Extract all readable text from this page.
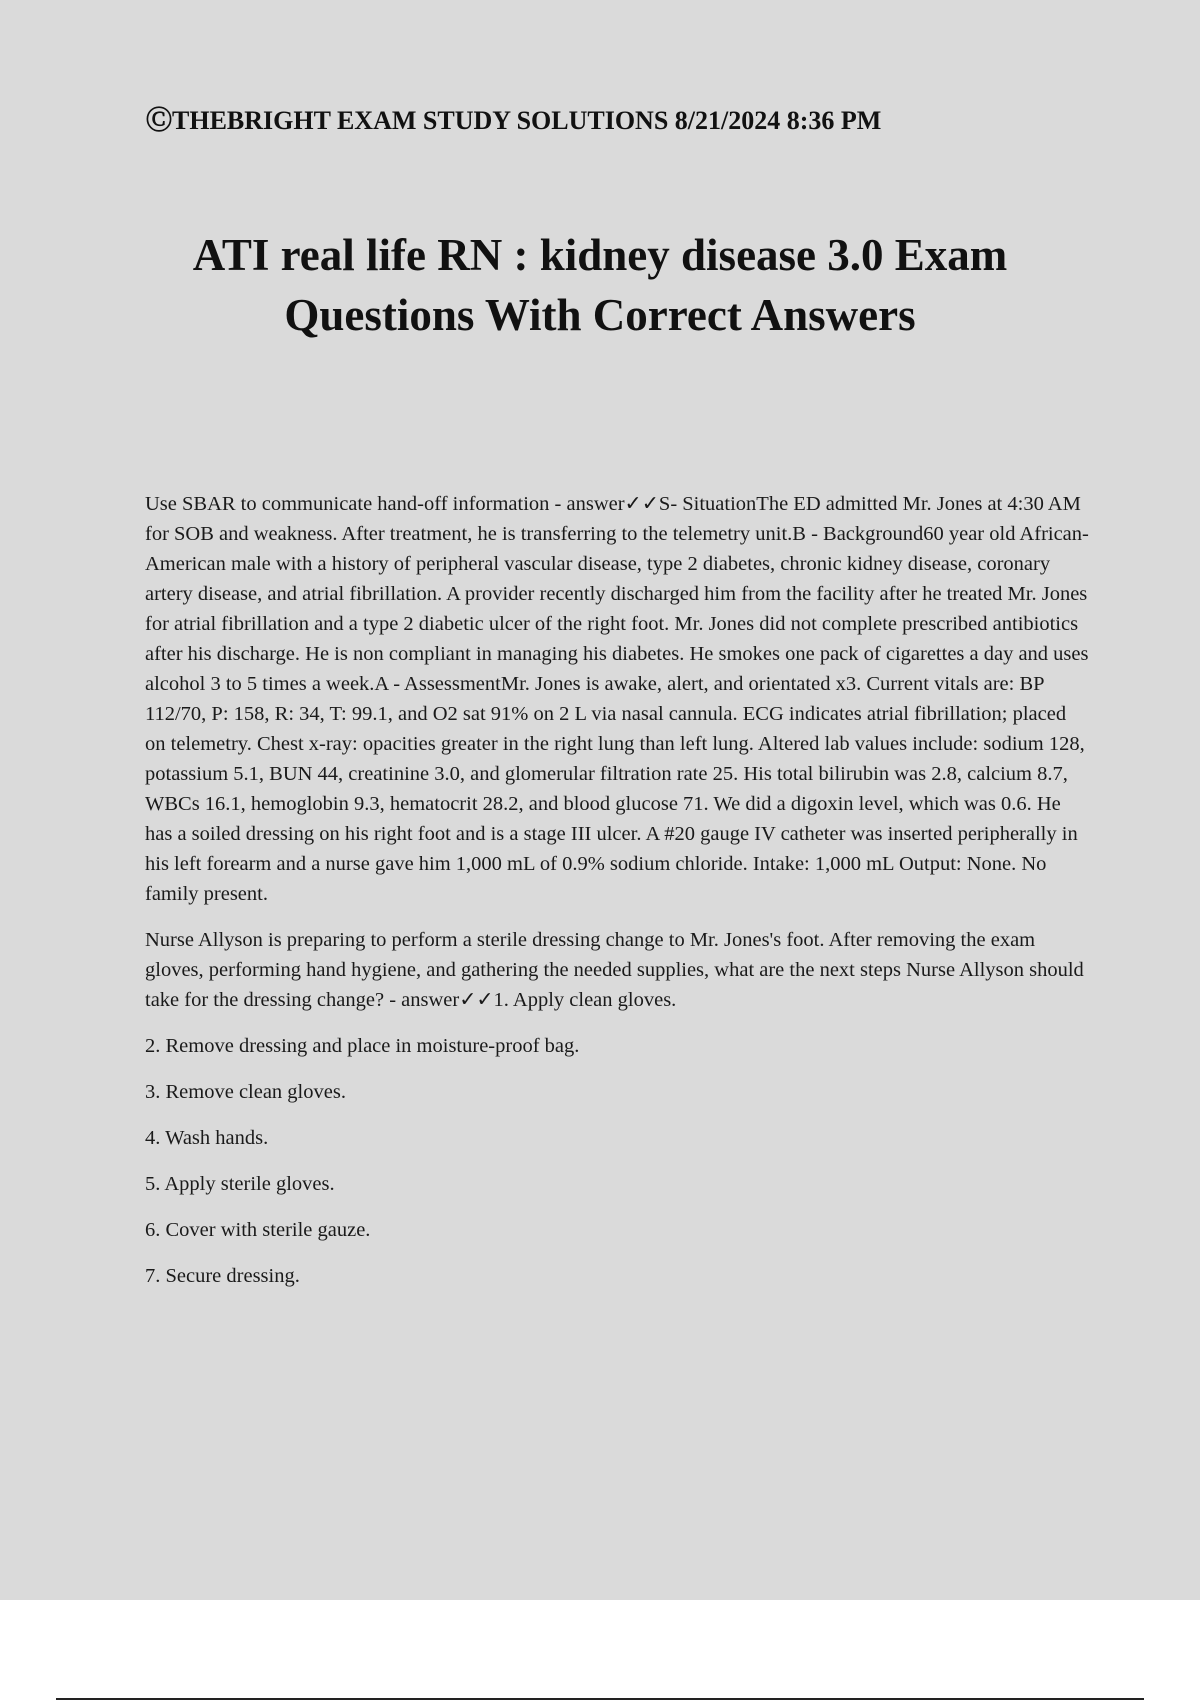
ⒸTHEBRIGHT EXAM STUDY SOLUTIONS 8/21/2024 8:36 PM
ATI real life RN : kidney disease 3.0 Exam
Questions With Correct Answers

Use SBAR to communicate hand-off information - answer✓✓S- SituationThe ED admitted Mr. Jones at 4:30 AM for SOB and weakness. After treatment, he is transferring to the telemetry unit.B - Background60 year old African-American male with a history of peripheral vascular disease, type 2 diabetes, chronic kidney disease, coronary artery disease, and atrial fibrillation. A provider recently discharged him from the facility after he treated Mr. Jones for atrial fibrillation and a type 2 diabetic ulcer of the right foot. Mr. Jones did not complete prescribed antibiotics after his discharge. He is non compliant in managing his diabetes. He smokes one pack of cigarettes a day and uses alcohol 3 to 5 times a week.A - AssessmentMr. Jones is awake, alert, and orientated x3. Current vitals are: BP 112/70, P: 158, R: 34, T: 99.1, and O2 sat 91% on 2 L via nasal cannula. ECG indicates atrial fibrillation; placed on telemetry. Chest x-ray: opacities greater in the right lung than left lung. Altered lab values include: sodium 128, potassium 5.1, BUN 44, creatinine 3.0, and glomerular filtration rate 25. His total bilirubin was 2.8, calcium 8.7, WBCs 16.1, hemoglobin 9.3, hematocrit 28.2, and blood glucose 71. We did a digoxin level, which was 0.6. He has a soiled dressing on his right foot and is a stage III ulcer. A #20 gauge IV catheter was inserted peripherally in his left forearm and a nurse gave him 1,000 mL of 0.9% sodium chloride. Intake: 1,000 mL Output: None. No family present.

Nurse Allyson is preparing to perform a sterile dressing change to Mr. Jones's foot. After removing the exam gloves, performing hand hygiene, and gathering the needed supplies, what are the next steps Nurse Allyson should take for the dressing change? - answer✓✓1. Apply clean gloves.

2. Remove dressing and place in moisture-proof bag.

3. Remove clean gloves.

4. Wash hands.

5. Apply sterile gloves.

6. Cover with sterile gauze.

7. Secure dressing.
